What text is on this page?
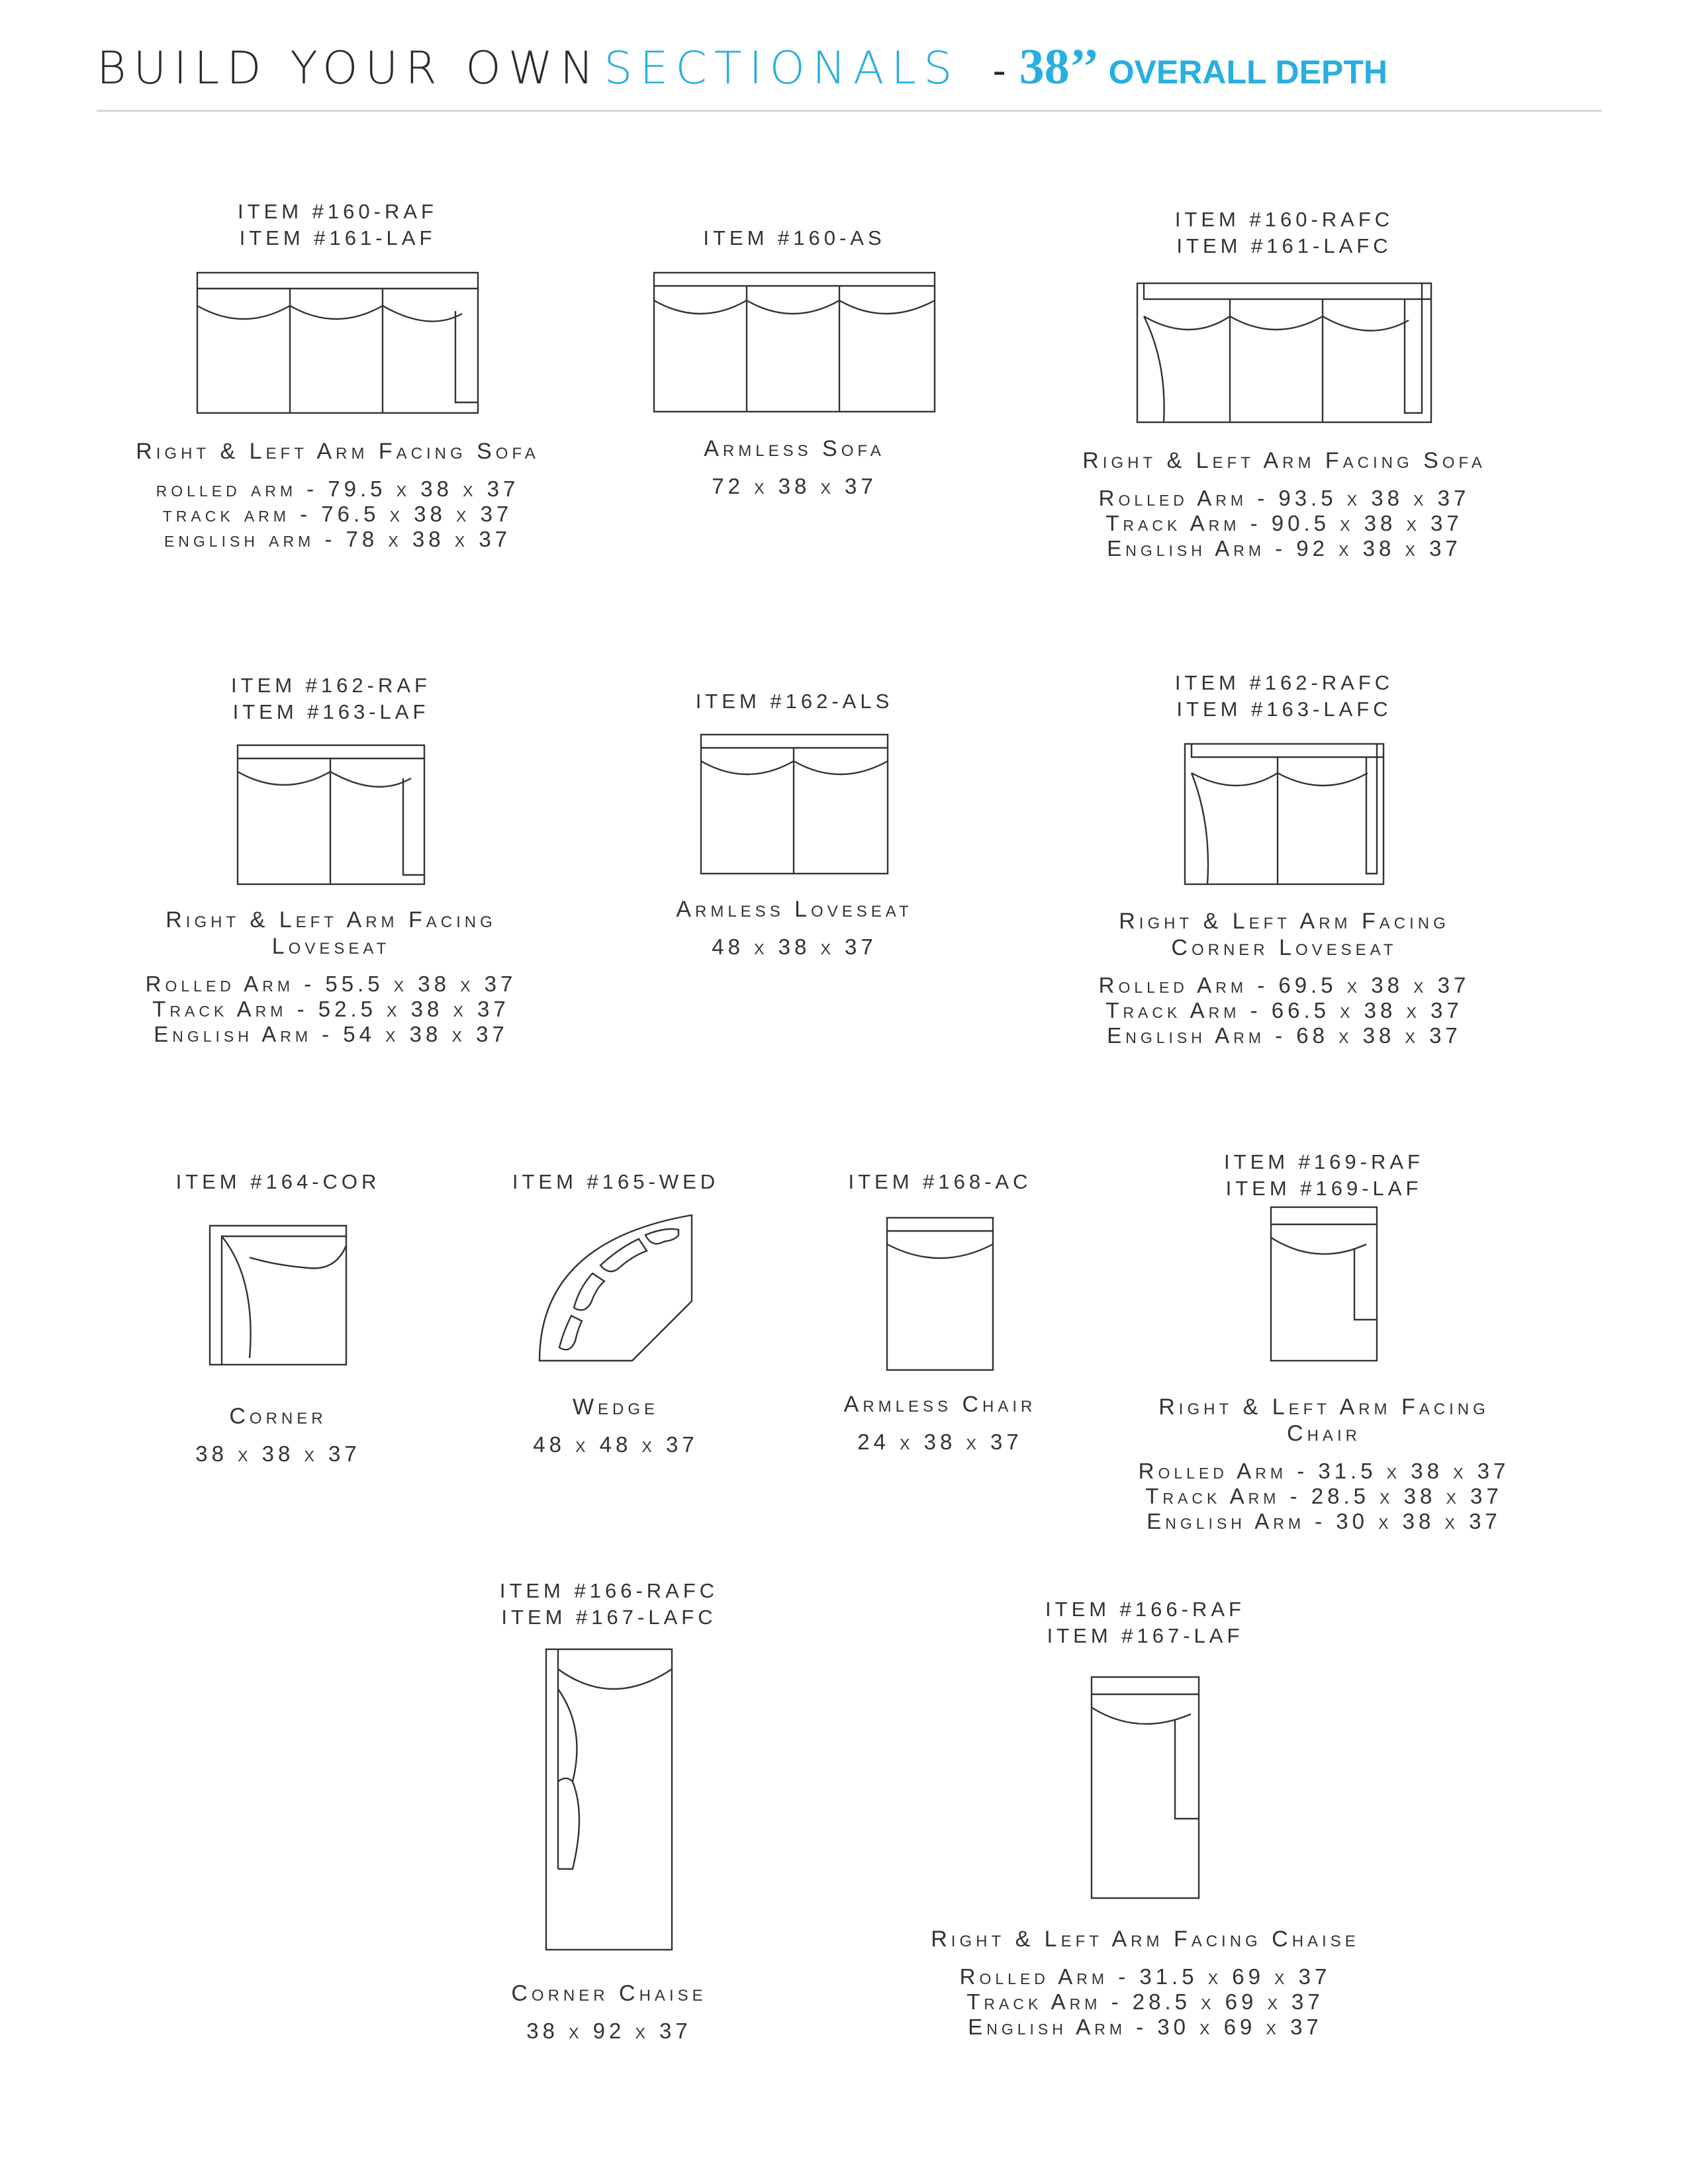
BUILD YOUR OWN SECTIONALS - 38’’ OVERALL DEPTH
ITEM #160-RAF
ITEM #161-LAF
Right & Left Arm Facing Sofa
rolled arm - 79.5 x 38 x 37
track arm - 76.5 x 38 x 37
english arm - 78 x 38 x 37
ITEM #160-AS
Armless Sofa
72 x 38 x 37
ITEM #160-RAFC
ITEM #161-LAFC
Right & Left Arm Facing Sofa
Rolled Arm - 93.5 x 38 x 37
Track Arm - 90.5 x 38 x 37
English Arm - 92 x 38 x 37
ITEM #162-RAF
ITEM #163-LAF
Right & Left Arm Facing Loveseat
Rolled Arm - 55.5 x 38 x 37
Track Arm - 52.5 x 38 x 37
English Arm - 54 x 38 x 37
ITEM #162-ALS
Armless Loveseat
48 x 38 x 37
ITEM #162-RAFC
ITEM #163-LAFC
Right & Left Arm Facing
Corner Loveseat
Rolled Arm - 69.5 x 38 x 37
Track Arm - 66.5 x 38 x 37
English Arm - 68 x 38 x 37
ITEM #164-COR
Corner
38 x 38 x 37
ITEM #165-WED
Wedge
48 x 48 x 37
ITEM #168-AC
Armless Chair
24 x 38 x 37
ITEM #169-RAF
ITEM #169-LAF
Right & Left Arm Facing Chair
Rolled Arm - 31.5 x 38 x 37
Track Arm - 28.5 x 38 x 37
English Arm - 30 x 38 x 37
ITEM #166-RAFC
ITEM #167-LAFC
Corner Chaise
38 x 92 x 37
ITEM #166-RAF
ITEM #167-LAF
Right & Left Arm Facing Chaise
Rolled Arm - 31.5 x 69 x 37
Track Arm - 28.5 x 69 x 37
English Arm - 30 x 69 x 37
